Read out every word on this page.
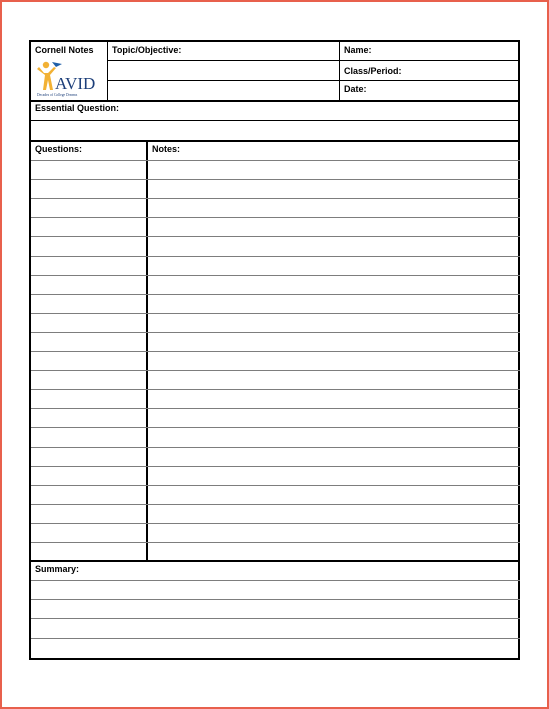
Cornell Notes
AVID
Decades of College Dreams
Topic/Objective:	Name:
Class/Period:
Date:
Essential Question:
Questions:	Notes:
Summary:
